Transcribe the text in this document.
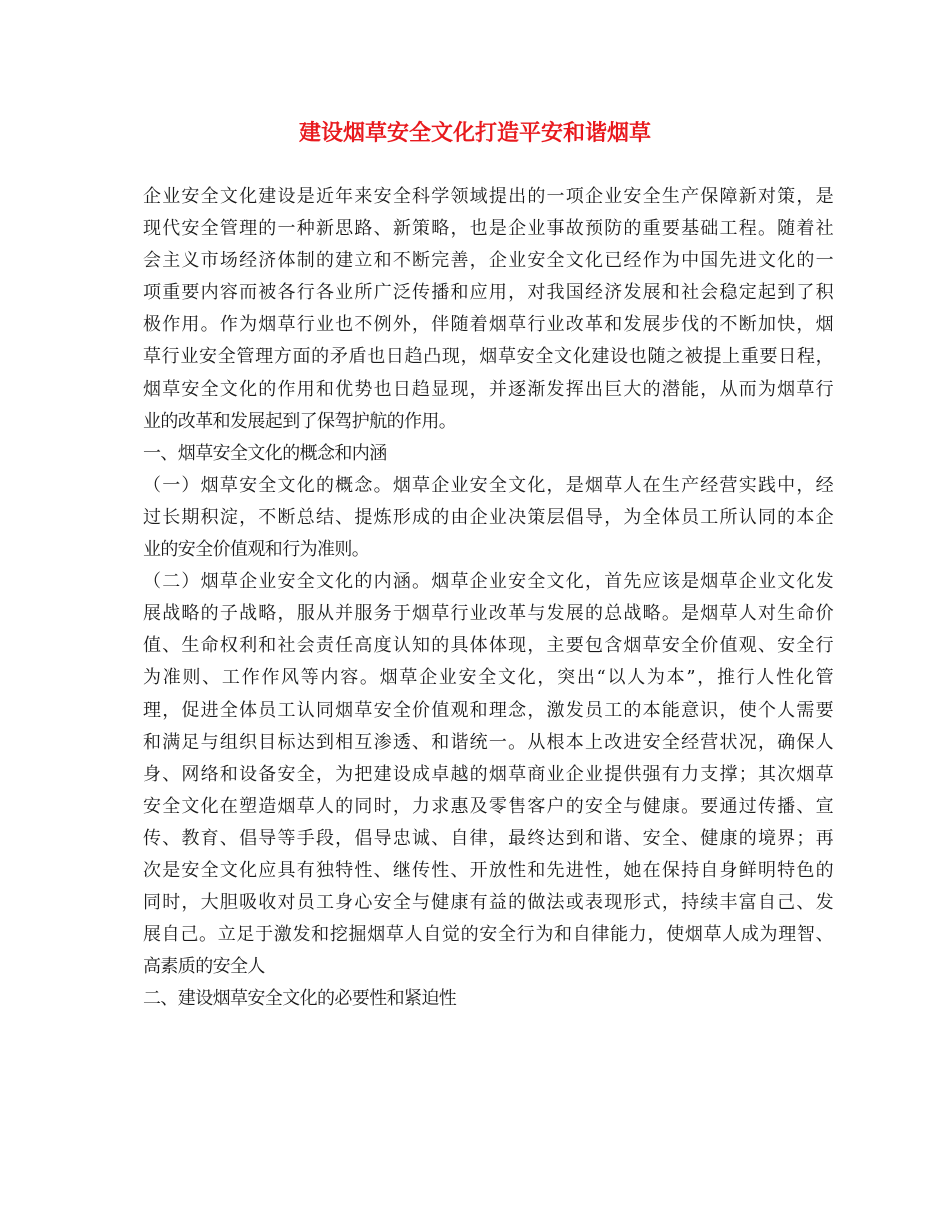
建设烟草安全文化打造平安和谐烟草
企业安全文化建设是近年来安全科学领域提出的一项企业安全生产保障新对策，是
现代安全管理的一种新思路、新策略，也是企业事故预防的重要基础工程。随着社
会主义市场经济体制的建立和不断完善，企业安全文化已经作为中国先进文化的一
项重要内容而被各行各业所广泛传播和应用，对我国经济发展和社会稳定起到了积
极作用。作为烟草行业也不例外，伴随着烟草行业改革和发展步伐的不断加快，烟
草行业安全管理方面的矛盾也日趋凸现，烟草安全文化建设也随之被提上重要日程，
烟草安全文化的作用和优势也日趋显现，并逐渐发挥出巨大的潜能，从而为烟草行
业的改革和发展起到了保驾护航的作用。
一、烟草安全文化的概念和内涵
（一）烟草安全文化的概念。烟草企业安全文化，是烟草人在生产经营实践中，经
过长期积淀，不断总结、提炼形成的由企业决策层倡导，为全体员工所认同的本企
业的安全价值观和行为准则。
（二）烟草企业安全文化的内涵。烟草企业安全文化，首先应该是烟草企业文化发
展战略的子战略，服从并服务于烟草行业改革与发展的总战略。是烟草人对生命价
值、生命权利和社会责任高度认知的具体体现，主要包含烟草安全价值观、安全行
为准则、工作作风等内容。烟草企业安全文化，突出“以人为本”，推行人性化管
理，促进全体员工认同烟草安全价值观和理念，激发员工的本能意识，使个人需要
和满足与组织目标达到相互渗透、和谐统一。从根本上改进安全经营状况，确保人
身、网络和设备安全，为把建设成卓越的烟草商业企业提供强有力支撑；其次烟草
安全文化在塑造烟草人的同时，力求惠及零售客户的安全与健康。要通过传播、宣
传、教育、倡导等手段，倡导忠诚、自律，最终达到和谐、安全、健康的境界；再
次是安全文化应具有独特性、继传性、开放性和先进性，她在保持自身鲜明特色的
同时，大胆吸收对员工身心安全与健康有益的做法或表现形式，持续丰富自己、发
展自己。立足于激发和挖掘烟草人自觉的安全行为和自律能力，使烟草人成为理智、
高素质的安全人
二、建设烟草安全文化的必要性和紧迫性
